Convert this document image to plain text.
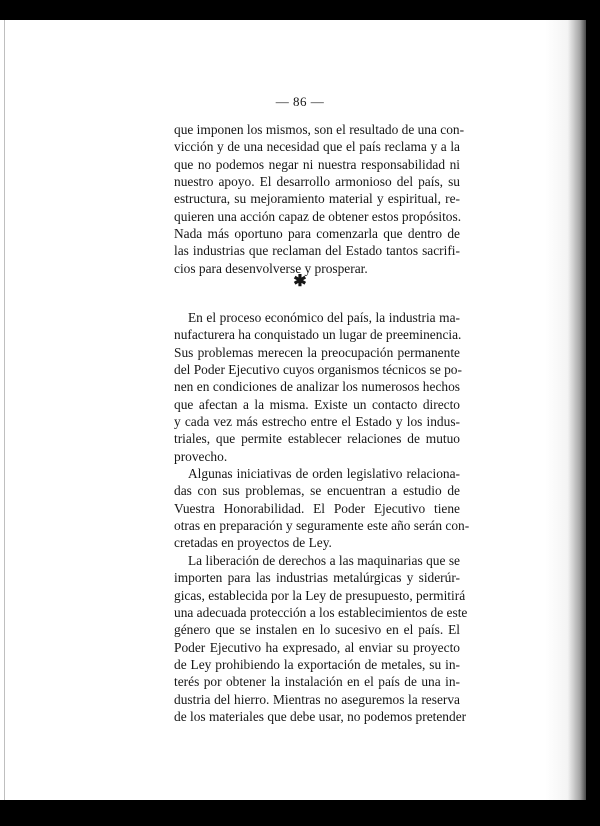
— 86 —
que imponen los mismos, son el resultado de una con-
vicción y de una necesidad que el país reclama y a la
que no podemos negar ni nuestra responsabilidad ni
nuestro apoyo. El desarrollo armonioso del país, su
estructura, su mejoramiento material y espiritual, re-
quieren una acción capaz de obtener estos propósitos.
Nada más oportuno para comenzarla que dentro de
las industrias que reclaman del Estado tantos sacrifi-
cios para desenvolverse y prosperar.
✱
En el proceso económico del país, la industria ma-
nufacturera ha conquistado un lugar de preeminencia.
Sus problemas merecen la preocupación permanente
del Poder Ejecutivo cuyos organismos técnicos se po-
nen en condiciones de analizar los numerosos hechos
que afectan a la misma. Existe un contacto directo
y cada vez más estrecho entre el Estado y los indus-
triales, que permite establecer relaciones de mutuo
provecho.
Algunas iniciativas de orden legislativo relaciona-
das con sus problemas, se encuentran a estudio de
Vuestra Honorabilidad. El Poder Ejecutivo tiene
otras en preparación y seguramente este año serán con-
cretadas en proyectos de Ley.
La liberación de derechos a las maquinarias que se
importen para las industrias metalúrgicas y siderúr-
gicas, establecida por la Ley de presupuesto, permitirá
una adecuada protección a los establecimientos de este
género que se instalen en lo sucesivo en el país. El
Poder Ejecutivo ha expresado, al enviar su proyecto
de Ley prohibiendo la exportación de metales, su in-
terés por obtener la instalación en el país de una in-
dustria del hierro. Mientras no aseguremos la reserva
de los materiales que debe usar, no podemos pretender
